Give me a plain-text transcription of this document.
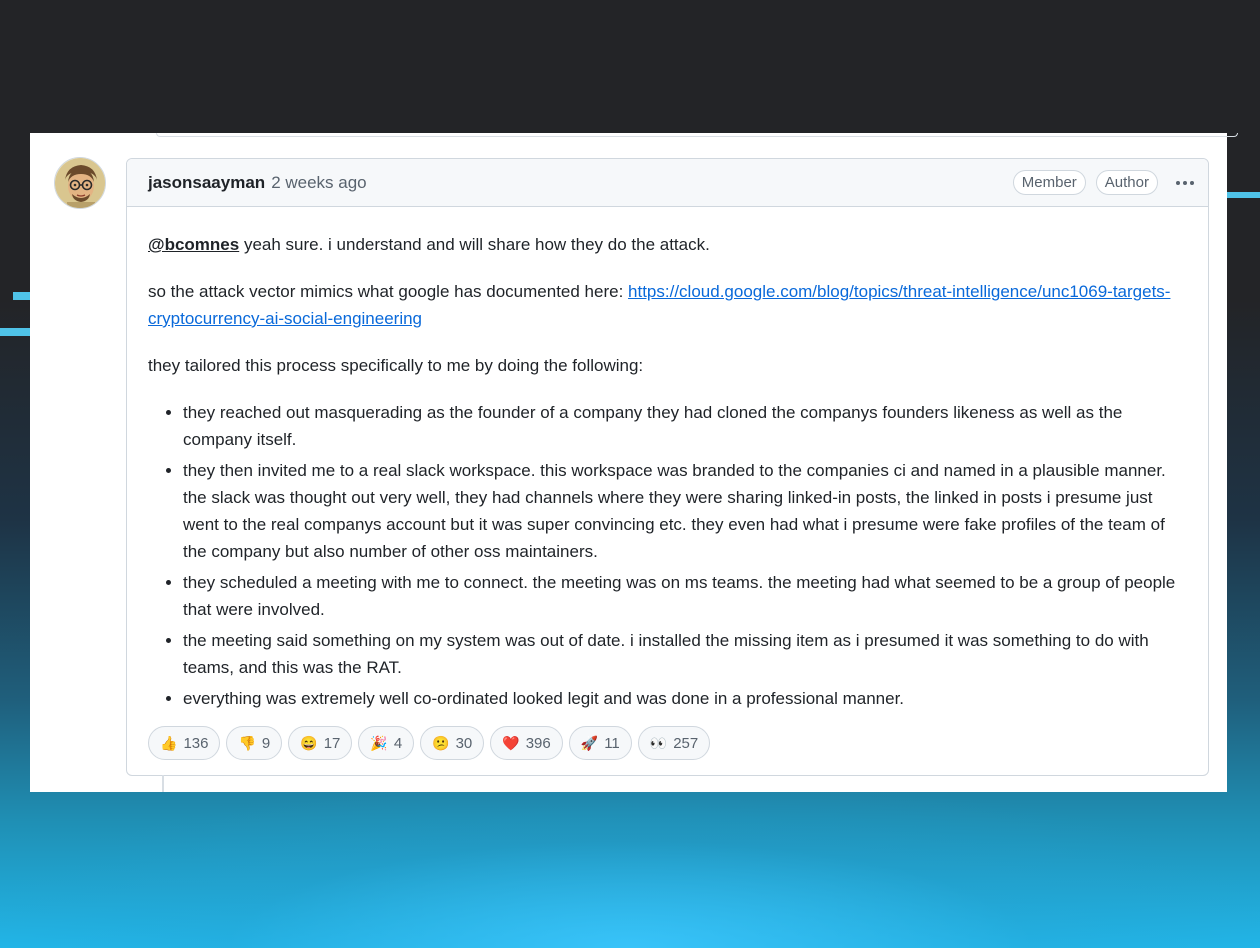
jasonsaayman 2 weeks ago	Member	Author

@bcomnes yeah sure. i understand and will share how they do the attack.

so the attack vector mimics what google has documented here: https://cloud.google.com/blog/topics/threat-intelligence/unc1069-targets-cryptocurrency-ai-social-engineering

they tailored this process specifically to me by doing the following:

• they reached out masquerading as the founder of a company they had cloned the companys founders likeness as well as the company itself.
• they then invited me to a real slack workspace. this workspace was branded to the companies ci and named in a plausible manner. the slack was thought out very well, they had channels where they were sharing linked-in posts, the linked in posts i presume just went to the real companys account but it was super convincing etc. they even had what i presume were fake profiles of the team of the company but also number of other oss maintainers.
• they scheduled a meeting with me to connect. the meeting was on ms teams. the meeting had what seemed to be a group of people that were involved.
• the meeting said something on my system was out of date. i installed the missing item as i presumed it was something to do with teams, and this was the RAT.
• everything was extremely well co-ordinated looked legit and was done in a professional manner.
👍 136 👎 9 😄 17 🎉 4 😕 30 ❤️ 396 🚀 11 👀 257
